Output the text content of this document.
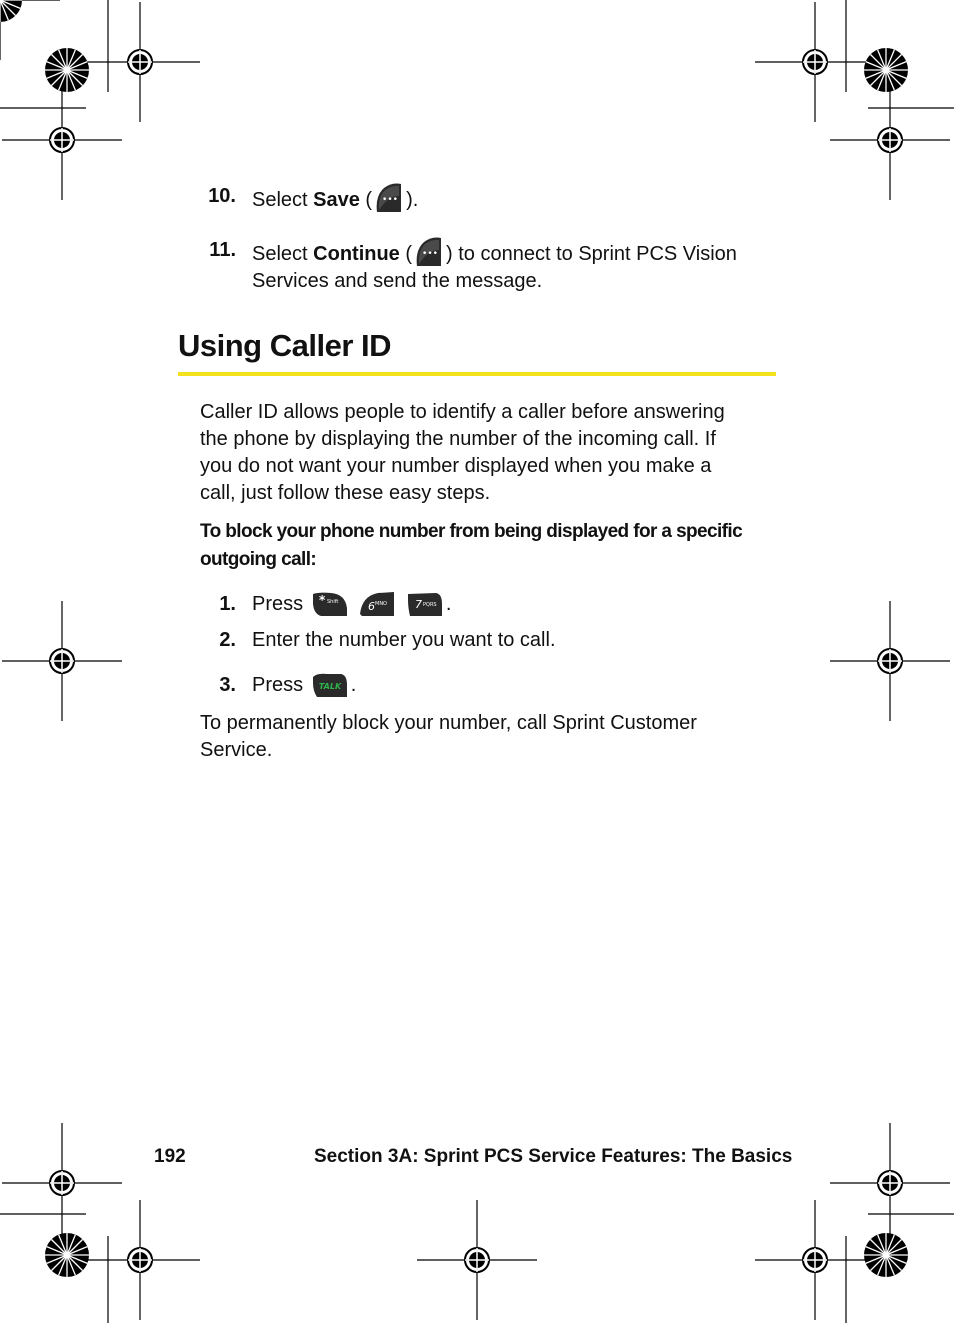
10. Select Save ( ••• ).
11. Select Continue ( ••• ) to connect to Sprint PCS Vision
Services and send the message.
Using Caller ID
Caller ID allows people to identify a caller before answering
the phone by displaying the number of the incoming call. If
you do not want your number displayed when you make a
call, just follow these easy steps.
To block your phone number from being displayed for a specific
outgoing call:
1. Press * Shift
	6 MNO
	7 PQRS .
2. Enter the number you want to call.
3. Press TALK .
To permanently block your number, call Sprint Customer
Service.
192	Section 3A: Sprint PCS Service Features: The Basics
